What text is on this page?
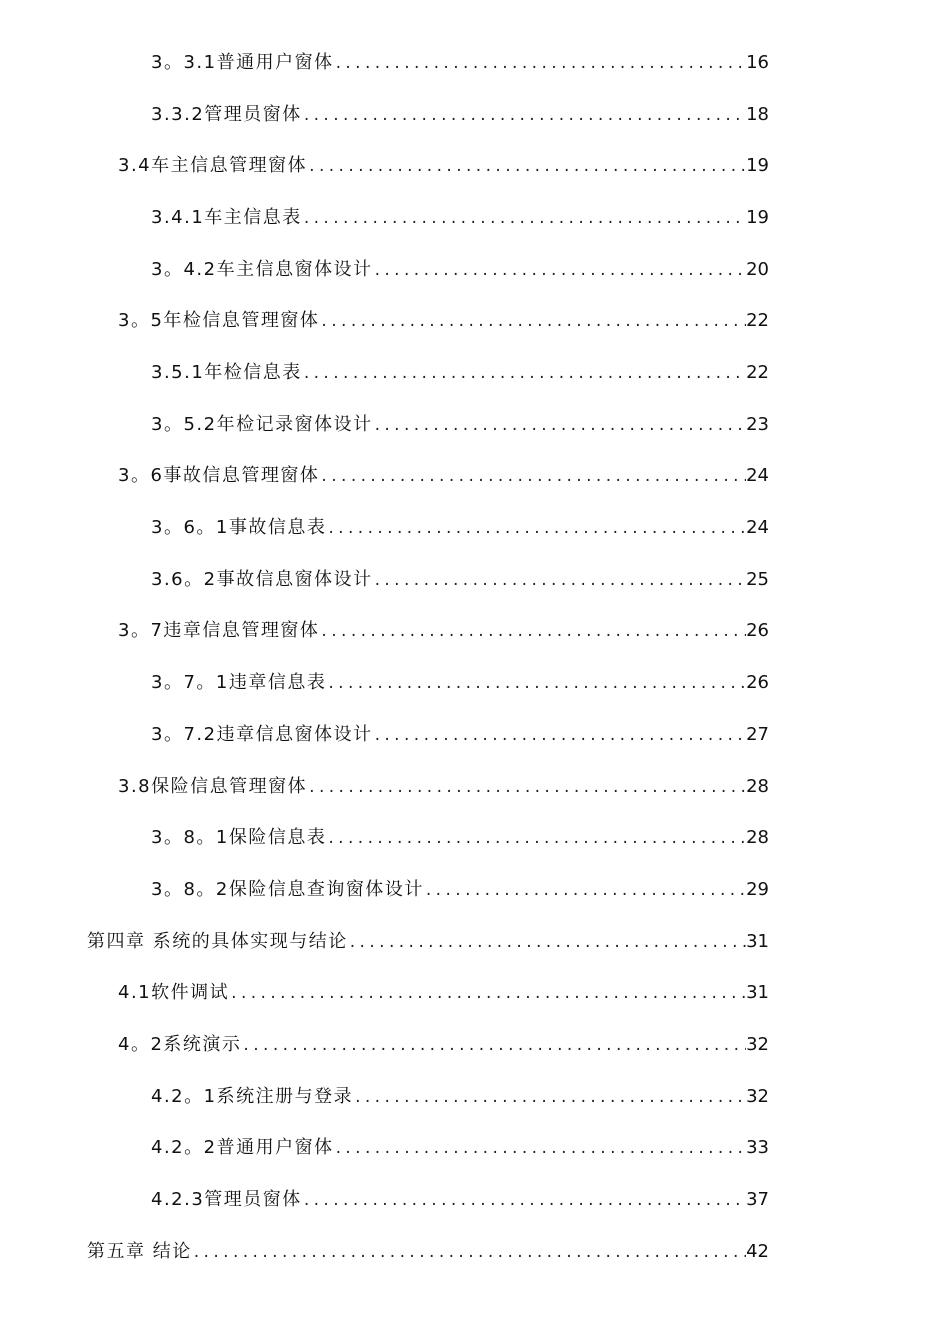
3。3.1普通用户窗体 .....	16
3.3.2管理员窗体 .....	18
3.4车主信息管理窗体 .....	19
3.4.1车主信息表 .....	19
3。4.2车主信息窗体设计 .....	20
3。5年检信息管理窗体 .....	22
3.5.1年检信息表 .....	22
3。5.2年检记录窗体设计 .....	23
3。6事故信息管理窗体 .....	24
3。6。1事故信息表 .....	24
3.6。2事故信息窗体设计 .....	25
3。7违章信息管理窗体 .....	26
3。7。1违章信息表 .....	26
3。7.2违章信息窗体设计 .....	27
3.8保险信息管理窗体 .....	28
3。8。1保险信息表 .....	28
3。8。2保险信息查询窗体设计 .....	29
第四章 系统的具体实现与结论 .....	31
4.1软件调试 .....	31
4。2系统演示 .....	32
4.2。1系统注册与登录 .....	32
4.2。2普通用户窗体 .....	33
4.2.3管理员窗体 .....	37
第五章 结论 .....	42
